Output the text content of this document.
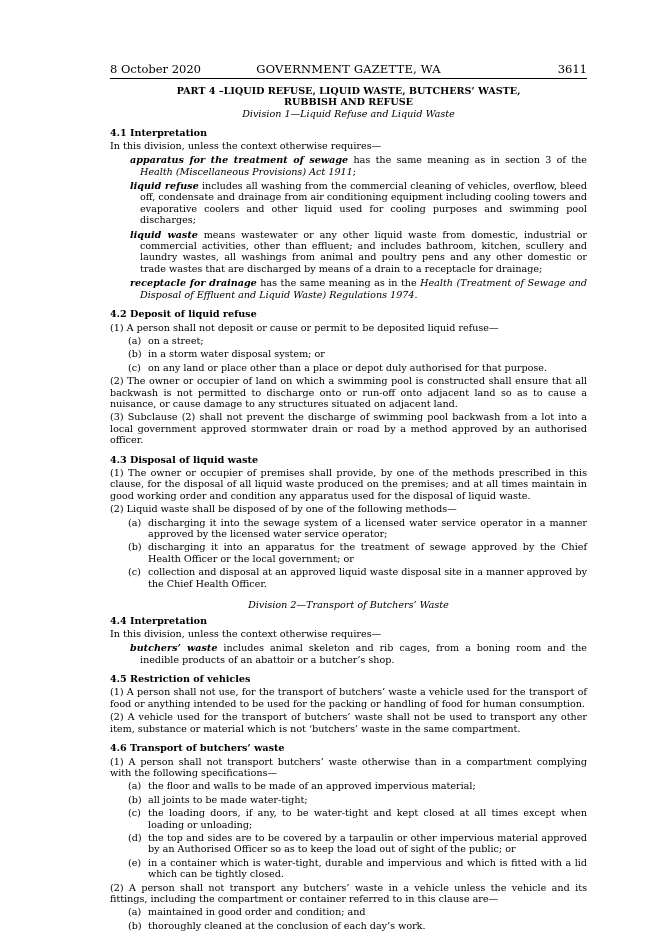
8 October 2020	GOVERNMENT GAZETTE, WA	3611
PART 4 –LIQUID REFUSE, LIQUID WASTE, BUTCHERS’ WASTE,
RUBBISH AND REFUSE
Division 1—Liquid Refuse and Liquid Waste
4.1 Interpretation
In this division, unless the context otherwise requires—
apparatus for the treatment of sewage has the same meaning as in section 3 of the Health (Miscellaneous Provisions) Act 1911;
liquid refuse includes all washing from the commercial cleaning of vehicles, overflow, bleed off, condensate and drainage from air conditioning equipment including cooling towers and evaporative coolers and other liquid used for cooling purposes and swimming pool discharges;
liquid waste means wastewater or any other liquid waste from domestic, industrial or commercial activities, other than effluent; and includes bathroom, kitchen, scullery and laundry wastes, all washings from animal and poultry pens and any other domestic or trade wastes that are discharged by means of a drain to a receptacle for drainage;
receptacle for drainage has the same meaning as in the Health (Treatment of Sewage and Disposal of Effluent and Liquid Waste) Regulations 1974.
4.2 Deposit of liquid refuse
(1) A person shall not deposit or cause or permit to be deposited liquid refuse—
(a) on a street;
(b) in a storm water disposal system; or
(c) on any land or place other than a place or depot duly authorised for that purpose.
(2) The owner or occupier of land on which a swimming pool is constructed shall ensure that all backwash is not permitted to discharge onto or run-off onto adjacent land so as to cause a nuisance, or cause damage to any structures situated on adjacent land.
(3) Subclause (2) shall not prevent the discharge of swimming pool backwash from a lot into a local government approved stormwater drain or road by a method approved by an authorised officer.
4.3 Disposal of liquid waste
(1) The owner or occupier of premises shall provide, by one of the methods prescribed in this clause, for the disposal of all liquid waste produced on the premises; and at all times maintain in good working order and condition any apparatus used for the disposal of liquid waste.
(2) Liquid waste shall be disposed of by one of the following methods—
(a) discharging it into the sewage system of a licensed water service operator in a manner approved by the licensed water service operator;
(b) discharging it into an apparatus for the treatment of sewage approved by the Chief Health Officer or the local government; or
(c) collection and disposal at an approved liquid waste disposal site in a manner approved by the Chief Health Officer.
Division 2—Transport of Butchers’ Waste
4.4 Interpretation
In this division, unless the context otherwise requires—
butchers’ waste includes animal skeleton and rib cages, from a boning room and the inedible products of an abattoir or a butcher’s shop.
4.5 Restriction of vehicles
(1) A person shall not use, for the transport of butchers’ waste a vehicle used for the transport of food or anything intended to be used for the packing or handling of food for human consumption.
(2) A vehicle used for the transport of butchers’ waste shall not be used to transport any other item, substance or material which is not ‘butchers’ waste in the same compartment.
4.6 Transport of butchers’ waste
(1) A person shall not transport butchers’ waste otherwise than in a compartment complying with the following specifications—
(a) the floor and walls to be made of an approved impervious material;
(b) all joints to be made water-tight;
(c) the loading doors, if any, to be water-tight and kept closed at all times except when loading or unloading;
(d) the top and sides are to be covered by a tarpaulin or other impervious material approved by an Authorised Officer so as to keep the load out of sight of the public; or
(e) in a container which is water-tight, durable and impervious and which is fitted with a lid which can be tightly closed.
(2) A person shall not transport any butchers’ waste in a vehicle unless the vehicle and its fittings, including the compartment or container referred to in this clause are—
(a) maintained in good order and condition; and
(b) thoroughly cleaned at the conclusion of each day’s work.
